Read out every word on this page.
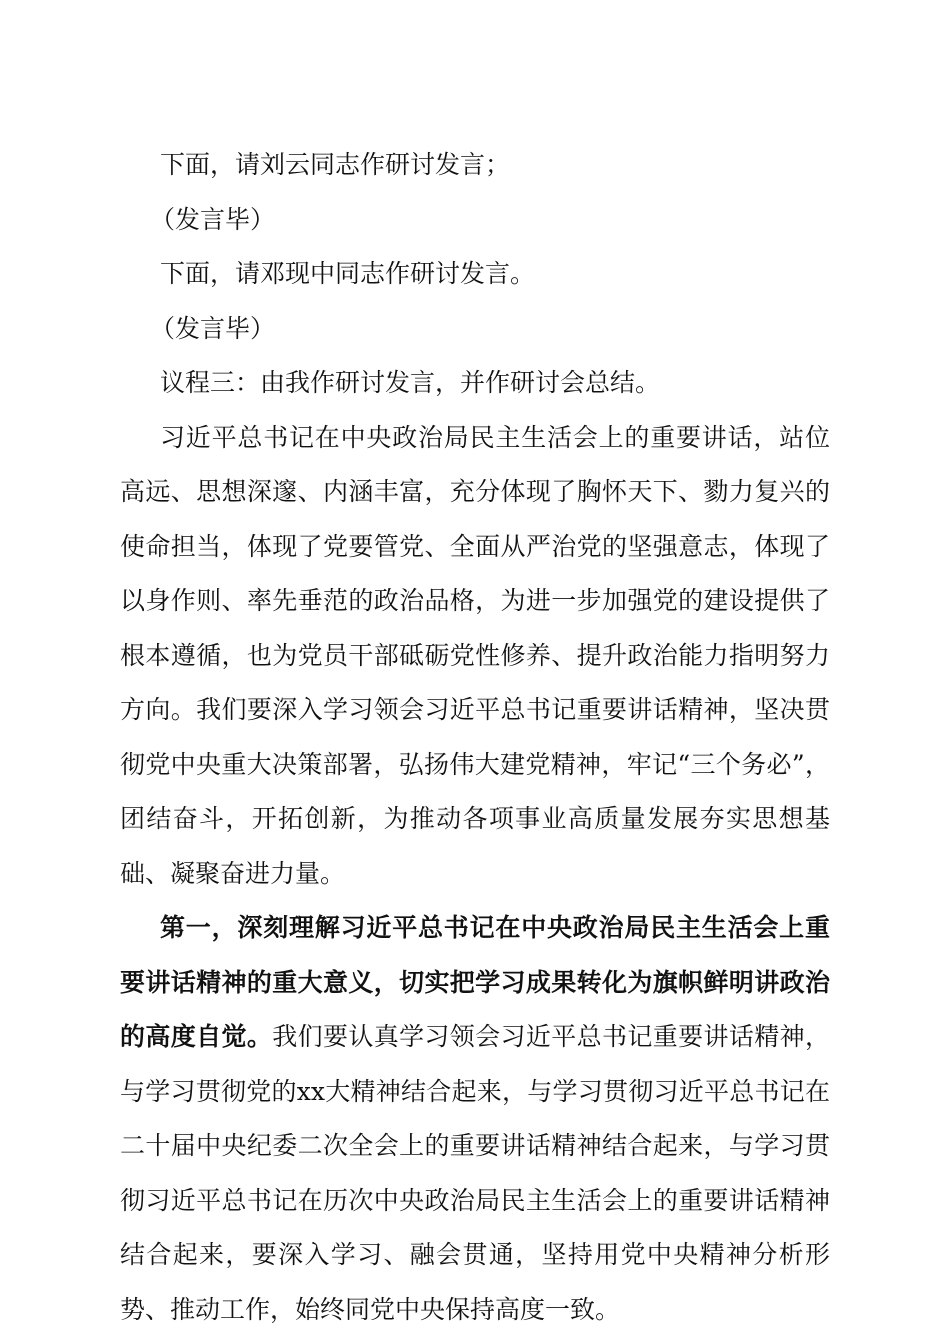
下面，请刘云同志作研讨发言；

（发言毕）

下面，请邓现中同志作研讨发言。

（发言毕）

议程三：由我作研讨发言，并作研讨会总结。

习近平总书记在中央政治局民主生活会上的重要讲话，站位高远、思想深邃、内涵丰富，充分体现了胸怀天下、勠力复兴的使命担当，体现了党要管党、全面从严治党的坚强意志，体现了以身作则、率先垂范的政治品格，为进一步加强党的建设提供了根本遵循，也为党员干部砥砺党性修养、提升政治能力指明努力方向。我们要深入学习领会习近平总书记重要讲话精神，坚决贯彻党中央重大决策部署，弘扬伟大建党精神，牢记“三个务必”，团结奋斗，开拓创新，为推动各项事业高质量发展夯实思想基础、凝聚奋进力量。

第一，深刻理解习近平总书记在中央政治局民主生活会上重要讲话精神的重大意义，切实把学习成果转化为旗帜鲜明讲政治的高度自觉。我们要认真学习领会习近平总书记重要讲话精神，与学习贯彻党的xx大精神结合起来，与学习贯彻习近平总书记在二十届中央纪委二次全会上的重要讲话精神结合起来，与学习贯彻习近平总书记在历次中央政治局民主生活会上的重要讲话精神结合起来，要深入学习、融会贯通，坚持用党中央精神分析形势、推动工作，始终同党中央保持高度一致。
